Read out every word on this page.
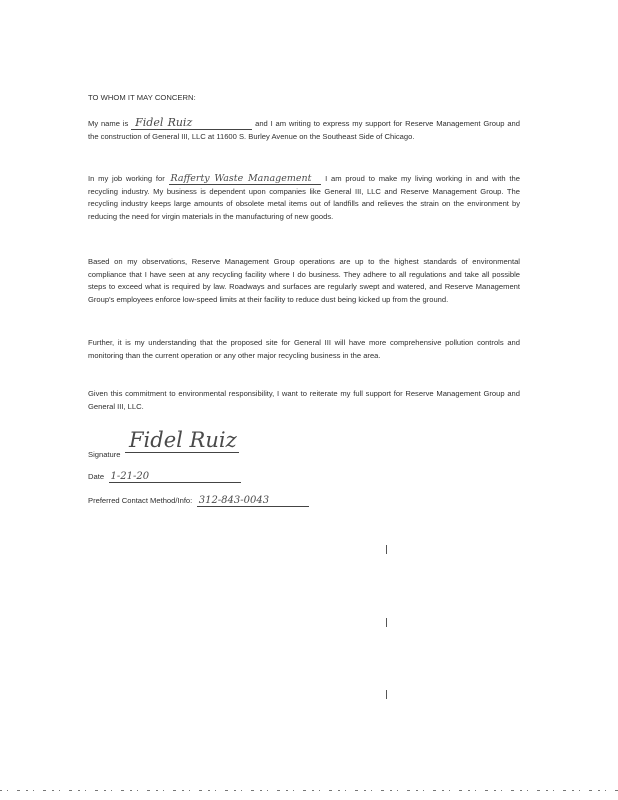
TO WHOM IT MAY CONCERN:
My name is Fidel Ruiz	and I am writing to express my support for Reserve Management Group and the construction of General III, LLC at 11600 S. Burley Avenue on the Southeast Side of Chicago.
In my job working for Rafferty Waste Management I am proud to make my living working in and with the recycling industry. My business is dependent upon companies like General III, LLC and Reserve Management Group. The recycling industry keeps large amounts of obsolete metal items out of landfills and relieves the strain on the environment by reducing the need for virgin materials in the manufacturing of new goods.
Based on my observations, Reserve Management Group operations are up to the highest standards of environmental compliance that I have seen at any recycling facility where I do business. They adhere to all regulations and take all possible steps to exceed what is required by law. Roadways and surfaces are regularly swept and watered, and Reserve Management Group's employees enforce low-speed limits at their facility to reduce dust being kicked up from the ground.
Further, it is my understanding that the proposed site for General III will have more comprehensive pollution controls and monitoring than the current operation or any other major recycling business in the area.
Given this commitment to environmental responsibility, I want to reiterate my full support for Reserve Management Group and General III, LLC.
$_{Signature}$ Fidel Ruiz
Date 1-21-20
Preferred Contact Method/Info: 312-843-0043
